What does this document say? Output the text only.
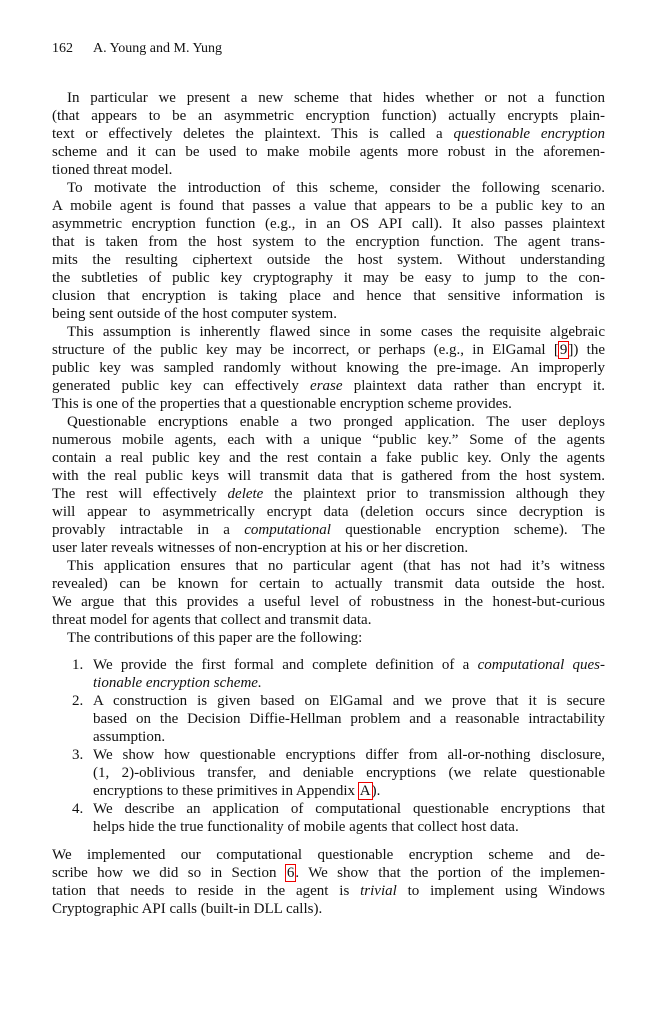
162 A. Young and M. Yung
In particular we present a new scheme that hides whether or not a function
(that appears to be an asymmetric encryption function) actually encrypts plain-
text or effectively deletes the plaintext. This is called a questionable encryption
scheme and it can be used to make mobile agents more robust in the aforemen-
tioned threat model.
To motivate the introduction of this scheme, consider the following scenario.
A mobile agent is found that passes a value that appears to be a public key to an
asymmetric encryption function (e.g., in an OS API call). It also passes plaintext
that is taken from the host system to the encryption function. The agent trans-
mits the resulting ciphertext outside the host system. Without understanding
the subtleties of public key cryptography it may be easy to jump to the con-
clusion that encryption is taking place and hence that sensitive information is
being sent outside of the host computer system.
This assumption is inherently flawed since in some cases the requisite algebraic
structure of the public key may be incorrect, or perhaps (e.g., in ElGamal [9]) the
public key was sampled randomly without knowing the pre-image. An improperly
generated public key can effectively erase plaintext data rather than encrypt it.
This is one of the properties that a questionable encryption scheme provides.
Questionable encryptions enable a two pronged application. The user deploys
numerous mobile agents, each with a unique “public key.” Some of the agents
contain a real public key and the rest contain a fake public key. Only the agents
with the real public keys will transmit data that is gathered from the host system.
The rest will effectively delete the plaintext prior to transmission although they
will appear to asymmetrically encrypt data (deletion occurs since decryption is
provably intractable in a computational questionable encryption scheme). The
user later reveals witnesses of non-encryption at his or her discretion.
This application ensures that no particular agent (that has not had it’s witness
revealed) can be known for certain to actually transmit data outside the host.
We argue that this provides a useful level of robustness in the honest-but-curious
threat model for agents that collect and transmit data.
The contributions of this paper are the following:
1. We provide the first formal and complete definition of a computational ques-
tionable encryption scheme.
2. A construction is given based on ElGamal and we prove that it is secure
based on the Decision Diffie-Hellman problem and a reasonable intractability
assumption.
3. We show how questionable encryptions differ from all-or-nothing disclosure,
(1, 2)-oblivious transfer, and deniable encryptions (we relate questionable
encryptions to these primitives in Appendix A).
4. We describe an application of computational questionable encryptions that
helps hide the true functionality of mobile agents that collect host data.
We implemented our computational questionable encryption scheme and de-
scribe how we did so in Section 6. We show that the portion of the implemen-
tation that needs to reside in the agent is trivial to implement using Windows
Cryptographic API calls (built-in DLL calls).
